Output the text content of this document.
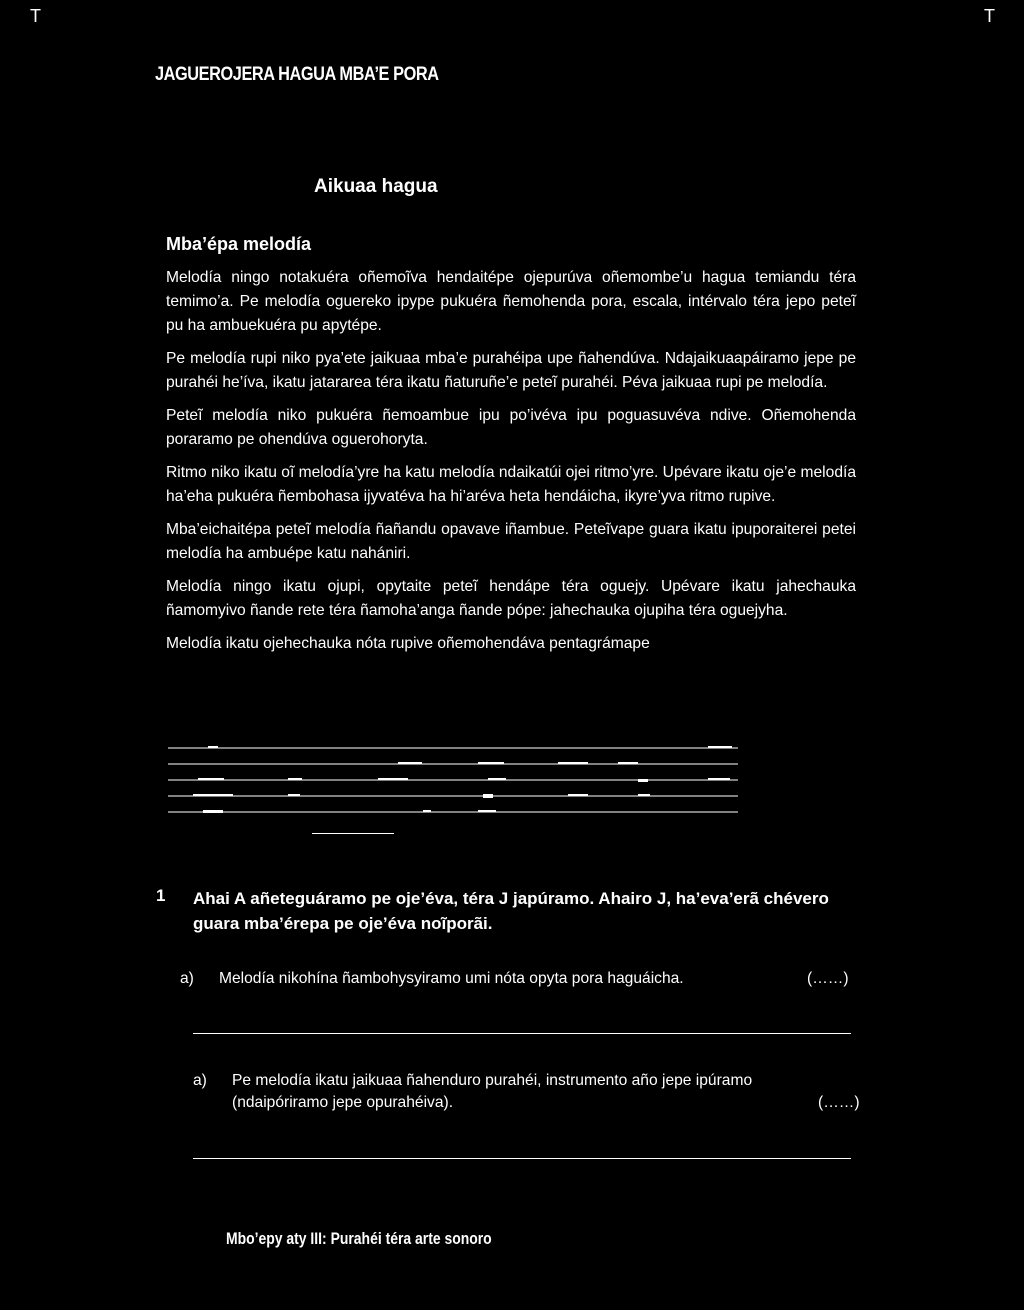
T	T
JAGUEROJERA HAGUA MBA’E PORA
Aikuaa hagua
Mba’épa melodía

Melodía ningo notakuéra oñemoĩva hendaitépe ojepurúva oñemombe’u hagua temiandu téra temimo’a. Pe melodía oguereko ipype pukuéra ñemohenda pora, escala, intérvalo téra jepo peteĩ pu ha ambuekuéra pu apytépe.

Pe melodía rupi niko pya’ete jaikuaa mba’e purahéipa upe ñahendúva. Ndajaikuaapáiramo jepe pe purahéi he’íva, ikatu jatararea téra ikatu ñaturuñe’e peteĩ purahéi. Péva jaikuaa rupi pe melodía.

Peteĩ melodía niko pukuéra ñemoambue ipu po’ivéva ipu poguasuvéva ndive. Oñemohenda poraramo pe ohendúva oguerohoryta.

Ritmo niko ikatu oĩ melodía’yre ha katu melodía ndaikatúi ojei ritmo’yre. Upévare ikatu oje’e melodía ha’eha pukuéra ñembohasa ijyvatéva ha hi’arévа heta hendáicha, ikyre’yva ritmo rupive.

Mba’eichaitépa peteĩ melodía ñañandu opavave iñambue. Peteĩvape guara ikatu ipuporaiterei petei melodía ha ambuépe katu nahániri.

Melodía ningo ikatu ojupi, opytaite peteĩ hendápe téra oguejy. Upévare ikatu jahechauka ñamomyivo ñande rete téra ñamoha’anga ñande pópe: jahechauka ojupiha téra oguejyha.

Melodía ikatu ojehechauka nóta rupive oñemohendáva pentagrámape

1 Ahai A añeteguáramo pe oje’éva, téra J japúramo. Ahairo J, ha’eva’erã chévero guara mba’érepa pe oje’éva noĩporãi.
a) Melodía nikohína ñambohysyiramo umi nóta opyta pora haguáicha.	(……)
a) Pe melodía ikatu jaikuaa ñahenduro purahéi, instrumento año jepe ipúramo
(ndaipóriramo jepe opurahéiva).	(……)
Mbo’epy aty III: Purahéi téra arte sonoro
